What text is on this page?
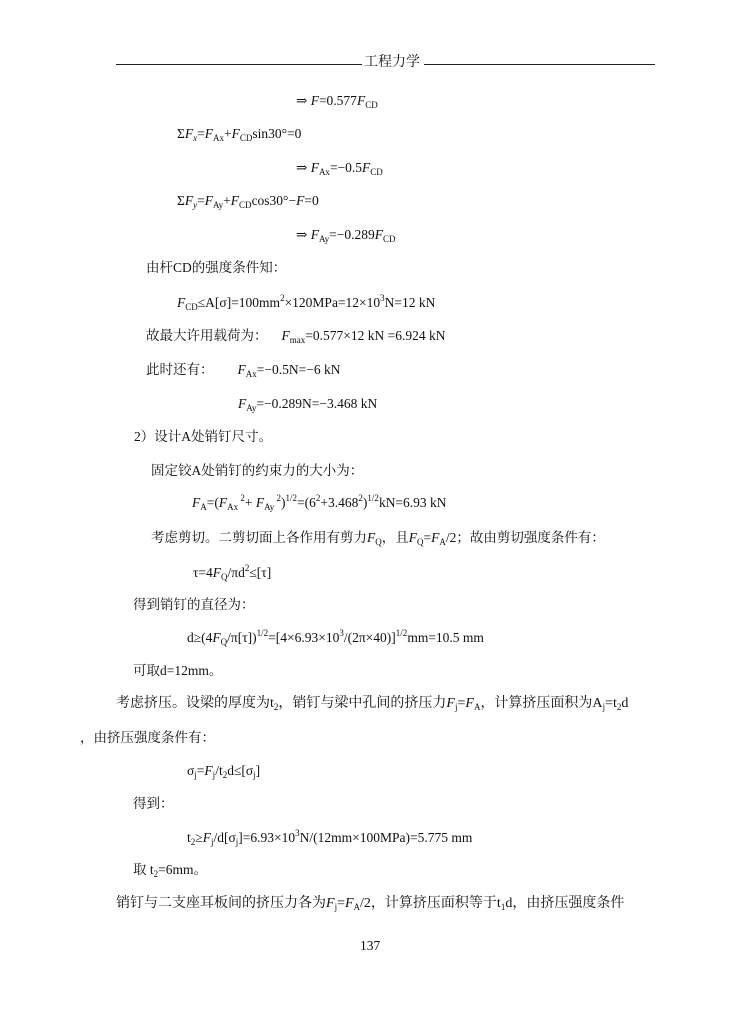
工程力学
⇒ $F=0.577F_{CD}$
$\Sigma F_x=F_{Ax}+F_{CD}\sin 30^\circ=0$
⇒ $F_{Ax}=-0.5F_{CD}$
$\Sigma F_y=F_{Ay}+F_{CD}\cos 30^\circ-F=0$
⇒ $F_{Ay}=-0.289F_{CD}$
由杆CD的强度条件知：
$F_{CD}\le A[\sigma]=100mm^2\times 120MPa=12\times 10^3N=12$ kN
故最大许用载荷为： $F_{max}=0.577\times 12$ kN =6.924 kN
此时还有： $F_{Ax}=-0.5N=-6$ kN
$F_{Ay}=-0.289N=-3.468$ kN
2）设计A处销钉尺寸。
固定铰A处销钉的约束力的大小为：
$F_A=(F_{Ax}$ $^2+ F_{Ay}$ $^2)^{1/2}=(6^2+3.468^2)^{1/2}kN=6.93$ kN
考虑剪切。二剪切面上各作用有剪力$F_Q$，且$F_Q=F_A/2$；故由剪切强度条件有：
$\tau=4F_Q/\pi d^2\le[\tau]$
得到销钉的直径为：
$d\ge(4F_Q/\pi[\tau])^{1/2}=[4\times 6.93\times 10^3/(2\pi\times 40)]^{1/2}mm=10.5$ mm
可取d=12mm。
考虑挤压。设梁的厚度为$t_2$，销钉与梁中孔间的挤压力$F_j=F_A$，计算挤压面积为$A_j=t_2d$
，由挤压强度条件有：
$\sigma_j=F_j/t_2d\le[\sigma_j]$
得到：
$t_2\ge F_j/d[\sigma_j]=6.93\times 10^3N/(12mm\times 100MPa)=5.775$ mm
取 $t_2=6mm$。
销钉与二支座耳板间的挤压力各为$F_j=F_A/2$，计算挤压面积等于$t_1d$，由挤压强度条件
137
